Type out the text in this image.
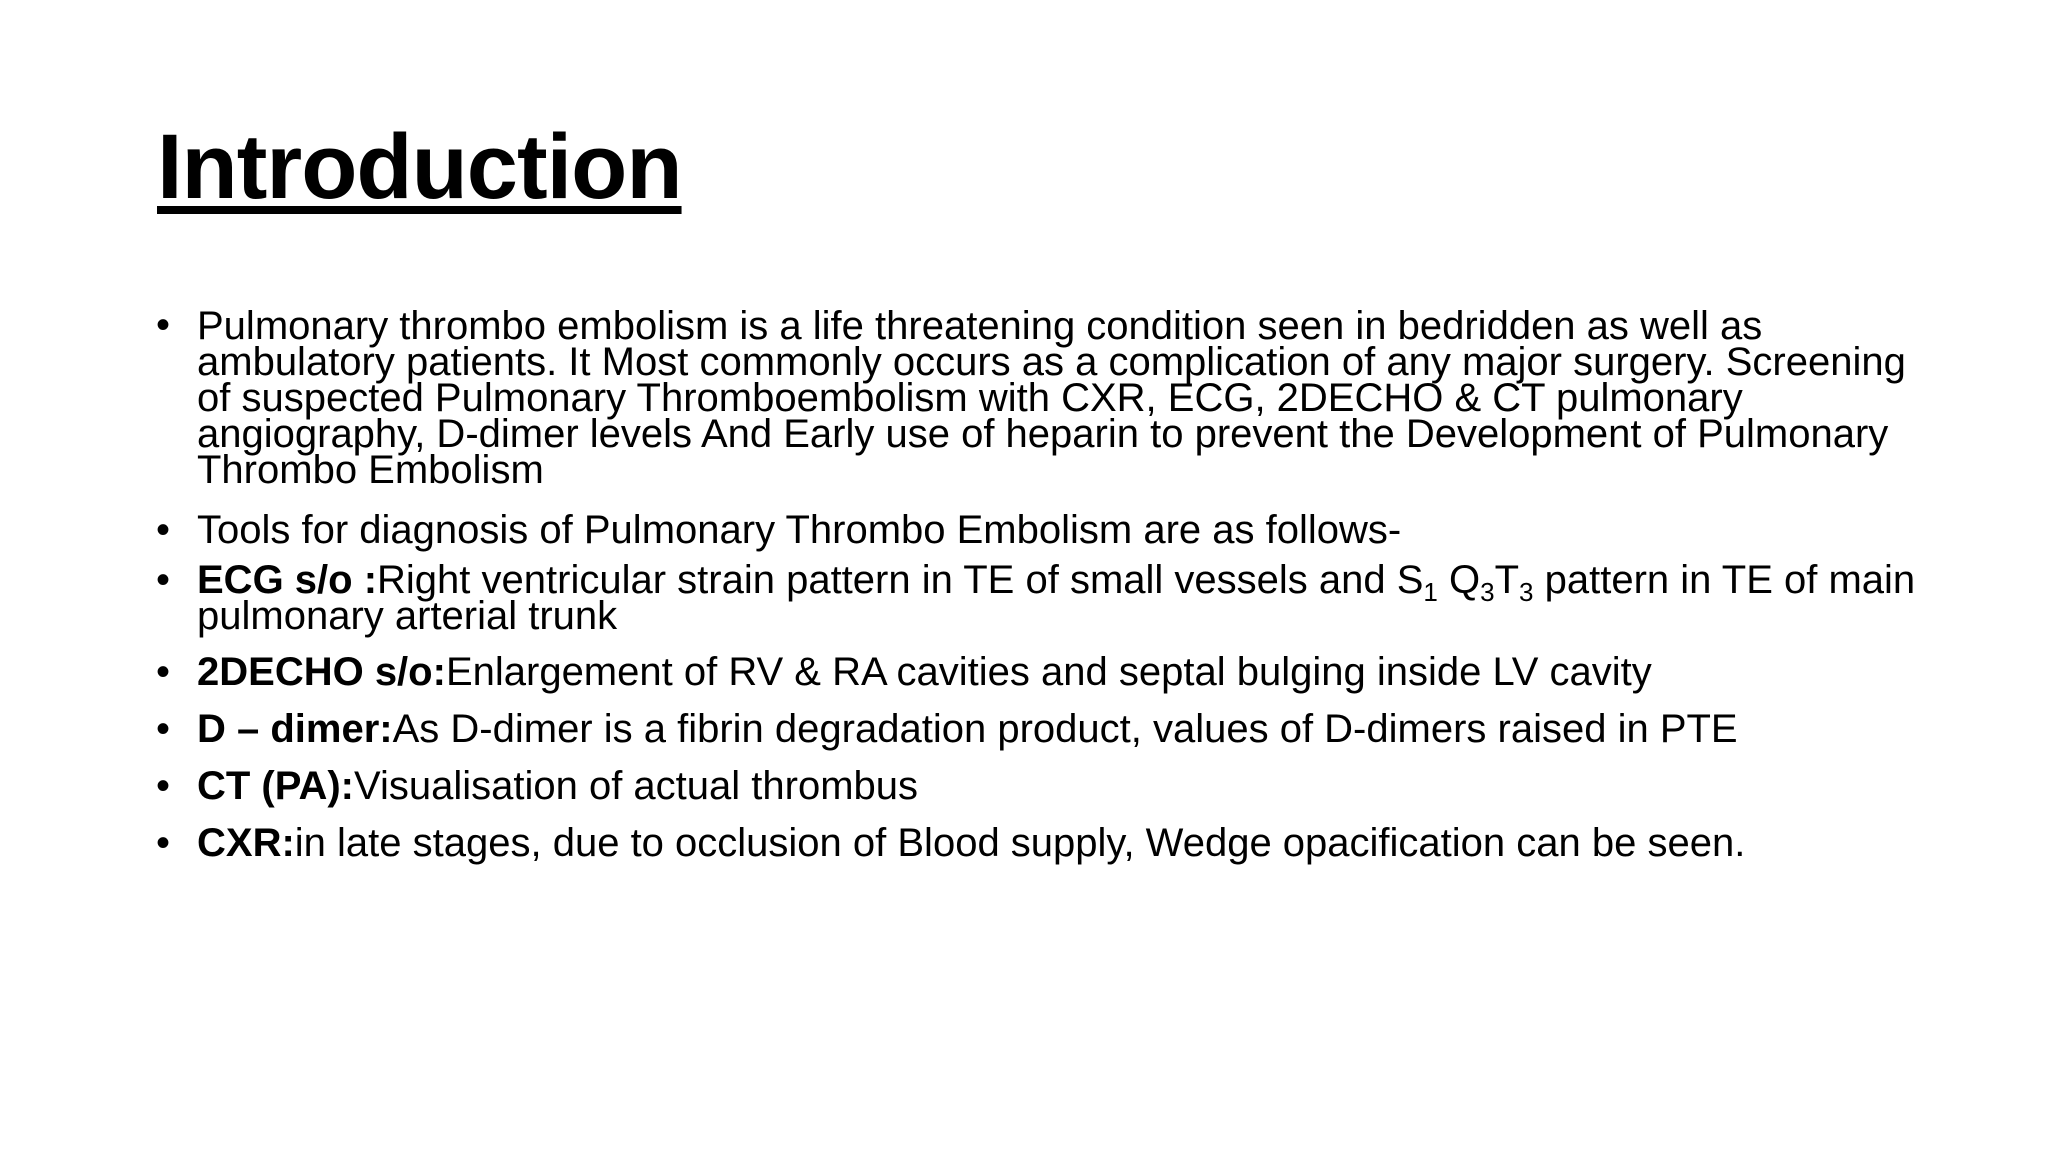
Introduction
• Pulmonary thrombo embolism is a life threatening condition seen in bedridden as well as ambulatory patients. It Most commonly occurs as a complication of any major surgery. Screening of suspected Pulmonary Thromboembolism with CXR, ECG, 2DECHO & CT pulmonary angiography, D-dimer levels And Early use of heparin to prevent the Development of Pulmonary Thrombo Embolism
• Tools for diagnosis of Pulmonary Thrombo Embolism are as follows-
• ECG s/o :Right ventricular strain pattern in TE of small vessels and $S_1$ $Q_3T_3$ pattern in TE of main pulmonary arterial trunk
• 2DECHO s/o:Enlargement of RV & RA cavities and septal bulging inside LV cavity
• D – dimer:As D-dimer is a fibrin degradation product, values of D-dimers raised in PTE
• CT (PA):Visualisation of actual thrombus
• CXR:in late stages, due to occlusion of Blood supply, Wedge opacification can be seen.
